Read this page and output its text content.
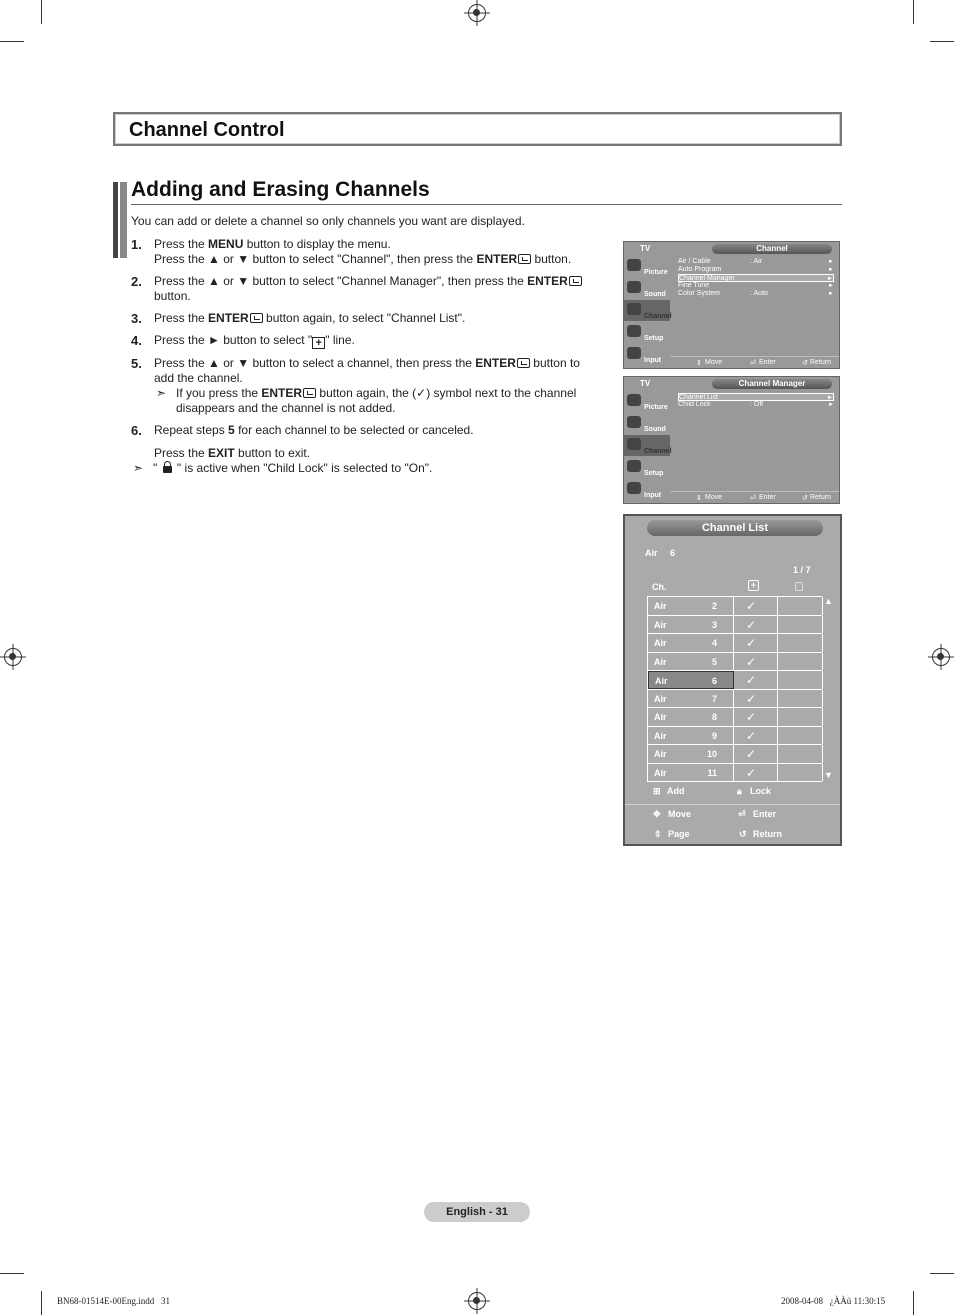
Channel Control
Adding and Erasing Channels
You can add or delete a channel so only channels you want are displayed.
1. Press the MENU button to display the menu.
Press the ▲ or ▼ button to select "Channel", then press the ENTER button.
2. Press the ▲ or ▼ button to select "Channel Manager", then press the ENTER
button.
3. Press the ENTER button again, to select "Channel List".
4. Press the ► button to select " + " line.
5. Press the ▲ or ▼ button to select a channel, then press the ENTER button to add the channel.
➣ If you press the ENTER button again, the (✓) symbol next to the channel disappears and the channel is not added.
6. Repeat steps 5 for each channel to be selected or canceled.
Press the EXIT button to exit.
➣ "  " is active when "Child Lock" is selected to "On".
TV	Channel
Picture
Sound
Channel
Setup
Input
Air / Cable	: Air	►
Auto Program	►
Channel Manager	►
Fine Tune	►
Color System	: Auto	►
⇕ Move	⏎ Enter	↺ Return
TV	Channel Manager
Picture
Sound
Channel
Setup
Input
Channel List	►
Child Lock	: Off	►
⇕ Move	⏎ Enter	↺ Return
Channel List
Air     6
1 / 7
Ch.	+
▲
▼
Air	2 ✓
Air	3 ✓
Air	4 ✓
Air	5 ✓
Air	6 ✓
Air	7 ✓
Air	8 ✓
Air	9 ✓
Air	10 ✓
Air	11 ✓
⊞ Add	🔒︎ Lock
✥ Move	⏎ Enter
⇳ Page	↺ Return
English - 31
BN68-01514E-00Eng.indd   31	2008-04-08   ¿ÀÀü 11:30:15
